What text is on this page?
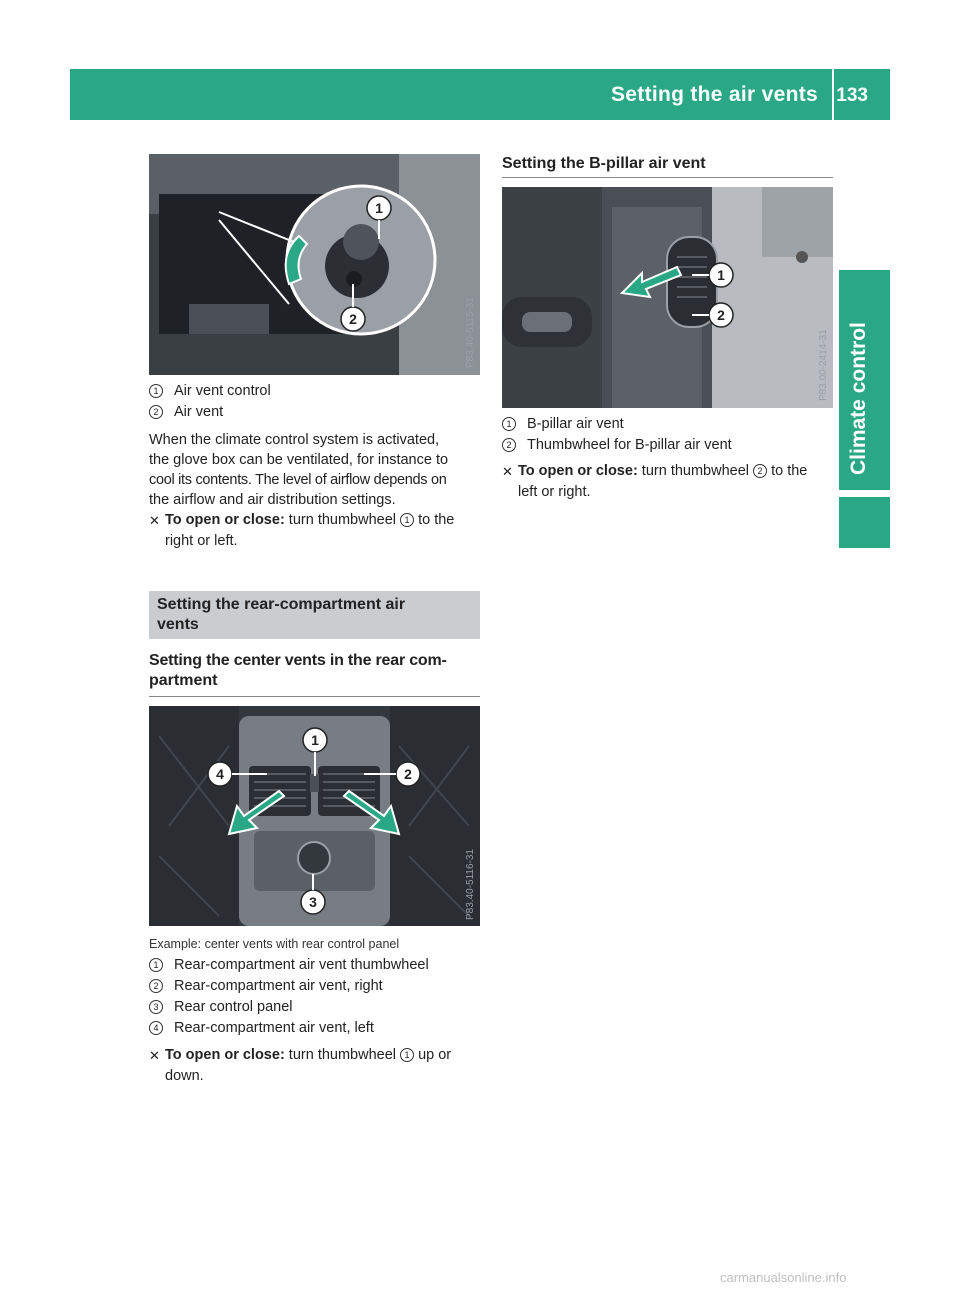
Setting the air vents 133
Climate control
1
2	P83.40-5115-31
1 Air vent control
2 Air vent
When the climate control system is activated,
the glove box can be ventilated, for instance to
cool its contents. The level of airflow depends on
the airflow and air distribution settings.
✕ To open or close: turn thumbwheel 1 to the
right or left.
Setting the rear-compartment air
vents
Setting the center vents in the rear com-
partment
1
2
3
4
P83.40-5116-31
Example: center vents with rear control panel
1 Rear-compartment air vent thumbwheel
2 Rear-compartment air vent, right
3 Rear control panel
4 Rear-compartment air vent, left
✕ To open or close: turn thumbwheel 1 up or
down.
Setting the B-pillar air vent
1
2
P83.00-2414-31
1 B-pillar air vent
2 Thumbwheel for B-pillar air vent
✕ To open or close: turn thumbwheel 2 to the
left or right.
carmanualsonline.info
